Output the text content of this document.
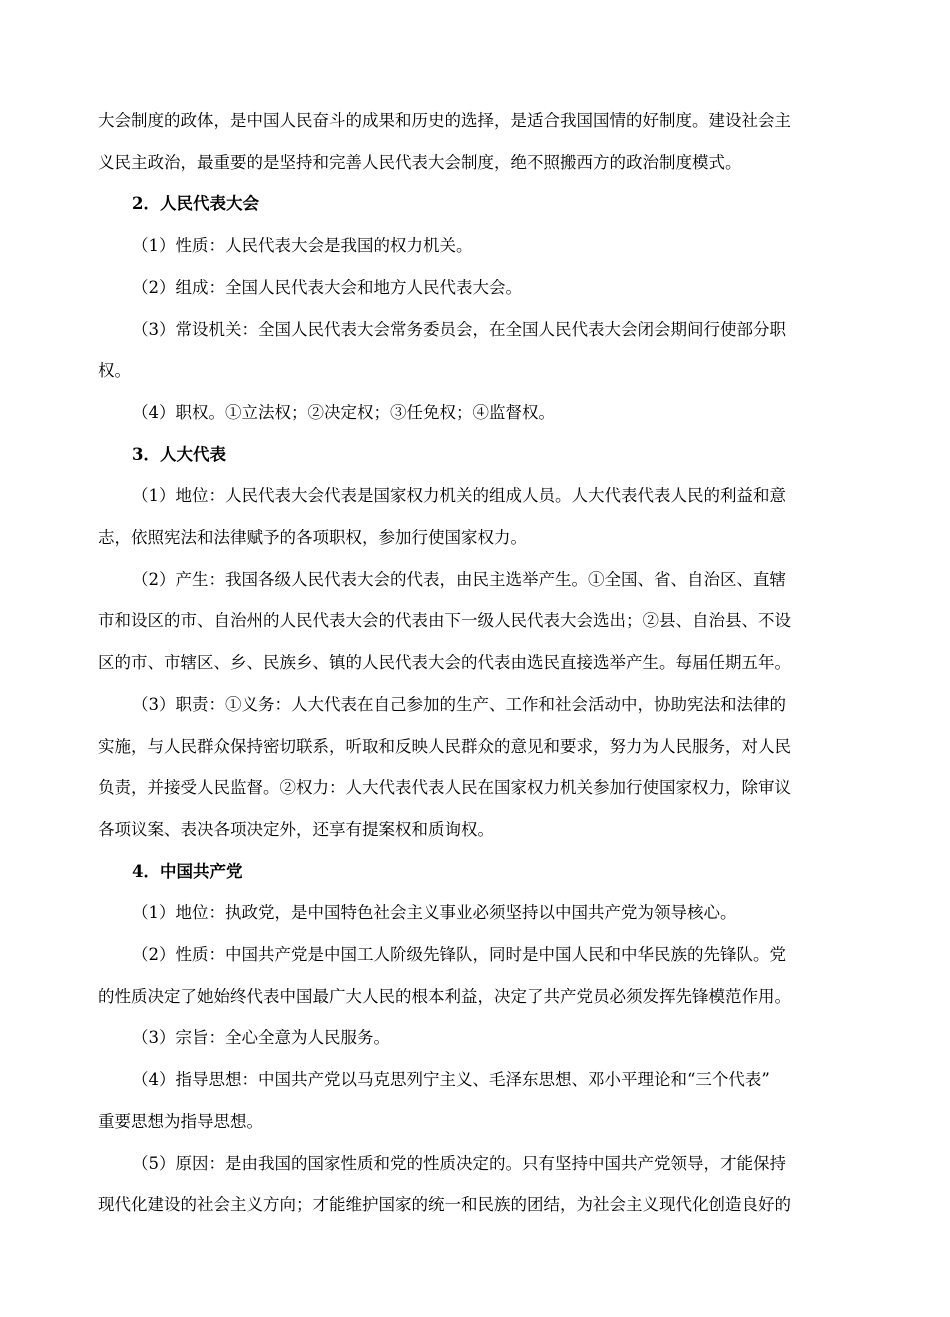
大会制度的政体，是中国人民奋斗的成果和历史的选择，是适合我国国情的好制度。建设社会主

义民主政治，最重要的是坚持和完善人民代表大会制度，绝不照搬西方的政治制度模式。

2．人民代表大会

（1）性质：人民代表大会是我国的权力机关。

（2）组成：全国人民代表大会和地方人民代表大会。

（3）常设机关：全国人民代表大会常务委员会，在全国人民代表大会闭会期间行使部分职

权。

（4）职权。①立法权；②决定权；③任免权；④监督权。

3．人大代表

（1）地位：人民代表大会代表是国家权力机关的组成人员。人大代表代表人民的利益和意

志，依照宪法和法律赋予的各项职权，参加行使国家权力。

（2）产生：我国各级人民代表大会的代表，由民主选举产生。①全国、省、自治区、直辖

市和设区的市、自治州的人民代表大会的代表由下一级人民代表大会选出；②县、自治县、不设

区的市、市辖区、乡、民族乡、镇的人民代表大会的代表由选民直接选举产生。每届任期五年。

（3）职责：①义务：人大代表在自己参加的生产、工作和社会活动中，协助宪法和法律的

实施，与人民群众保持密切联系，听取和反映人民群众的意见和要求，努力为人民服务，对人民

负责，并接受人民监督。②权力：人大代表代表人民在国家权力机关参加行使国家权力，除审议

各项议案、表决各项决定外，还享有提案权和质询权。

4．中国共产党

（1）地位：执政党，是中国特色社会主义事业必须坚持以中国共产党为领导核心。

（2）性质：中国共产党是中国工人阶级先锋队，同时是中国人民和中华民族的先锋队。党

的性质决定了她始终代表中国最广大人民的根本利益，决定了共产党员必须发挥先锋模范作用。

（3）宗旨：全心全意为人民服务。

（4）指导思想：中国共产党以马克思列宁主义、毛泽东思想、邓小平理论和“三个代表”

重要思想为指导思想。

（5）原因：是由我国的国家性质和党的性质决定的。只有坚持中国共产党领导，才能保持

现代化建设的社会主义方向；才能维护国家的统一和民族的团结，为社会主义现代化创造良好的
